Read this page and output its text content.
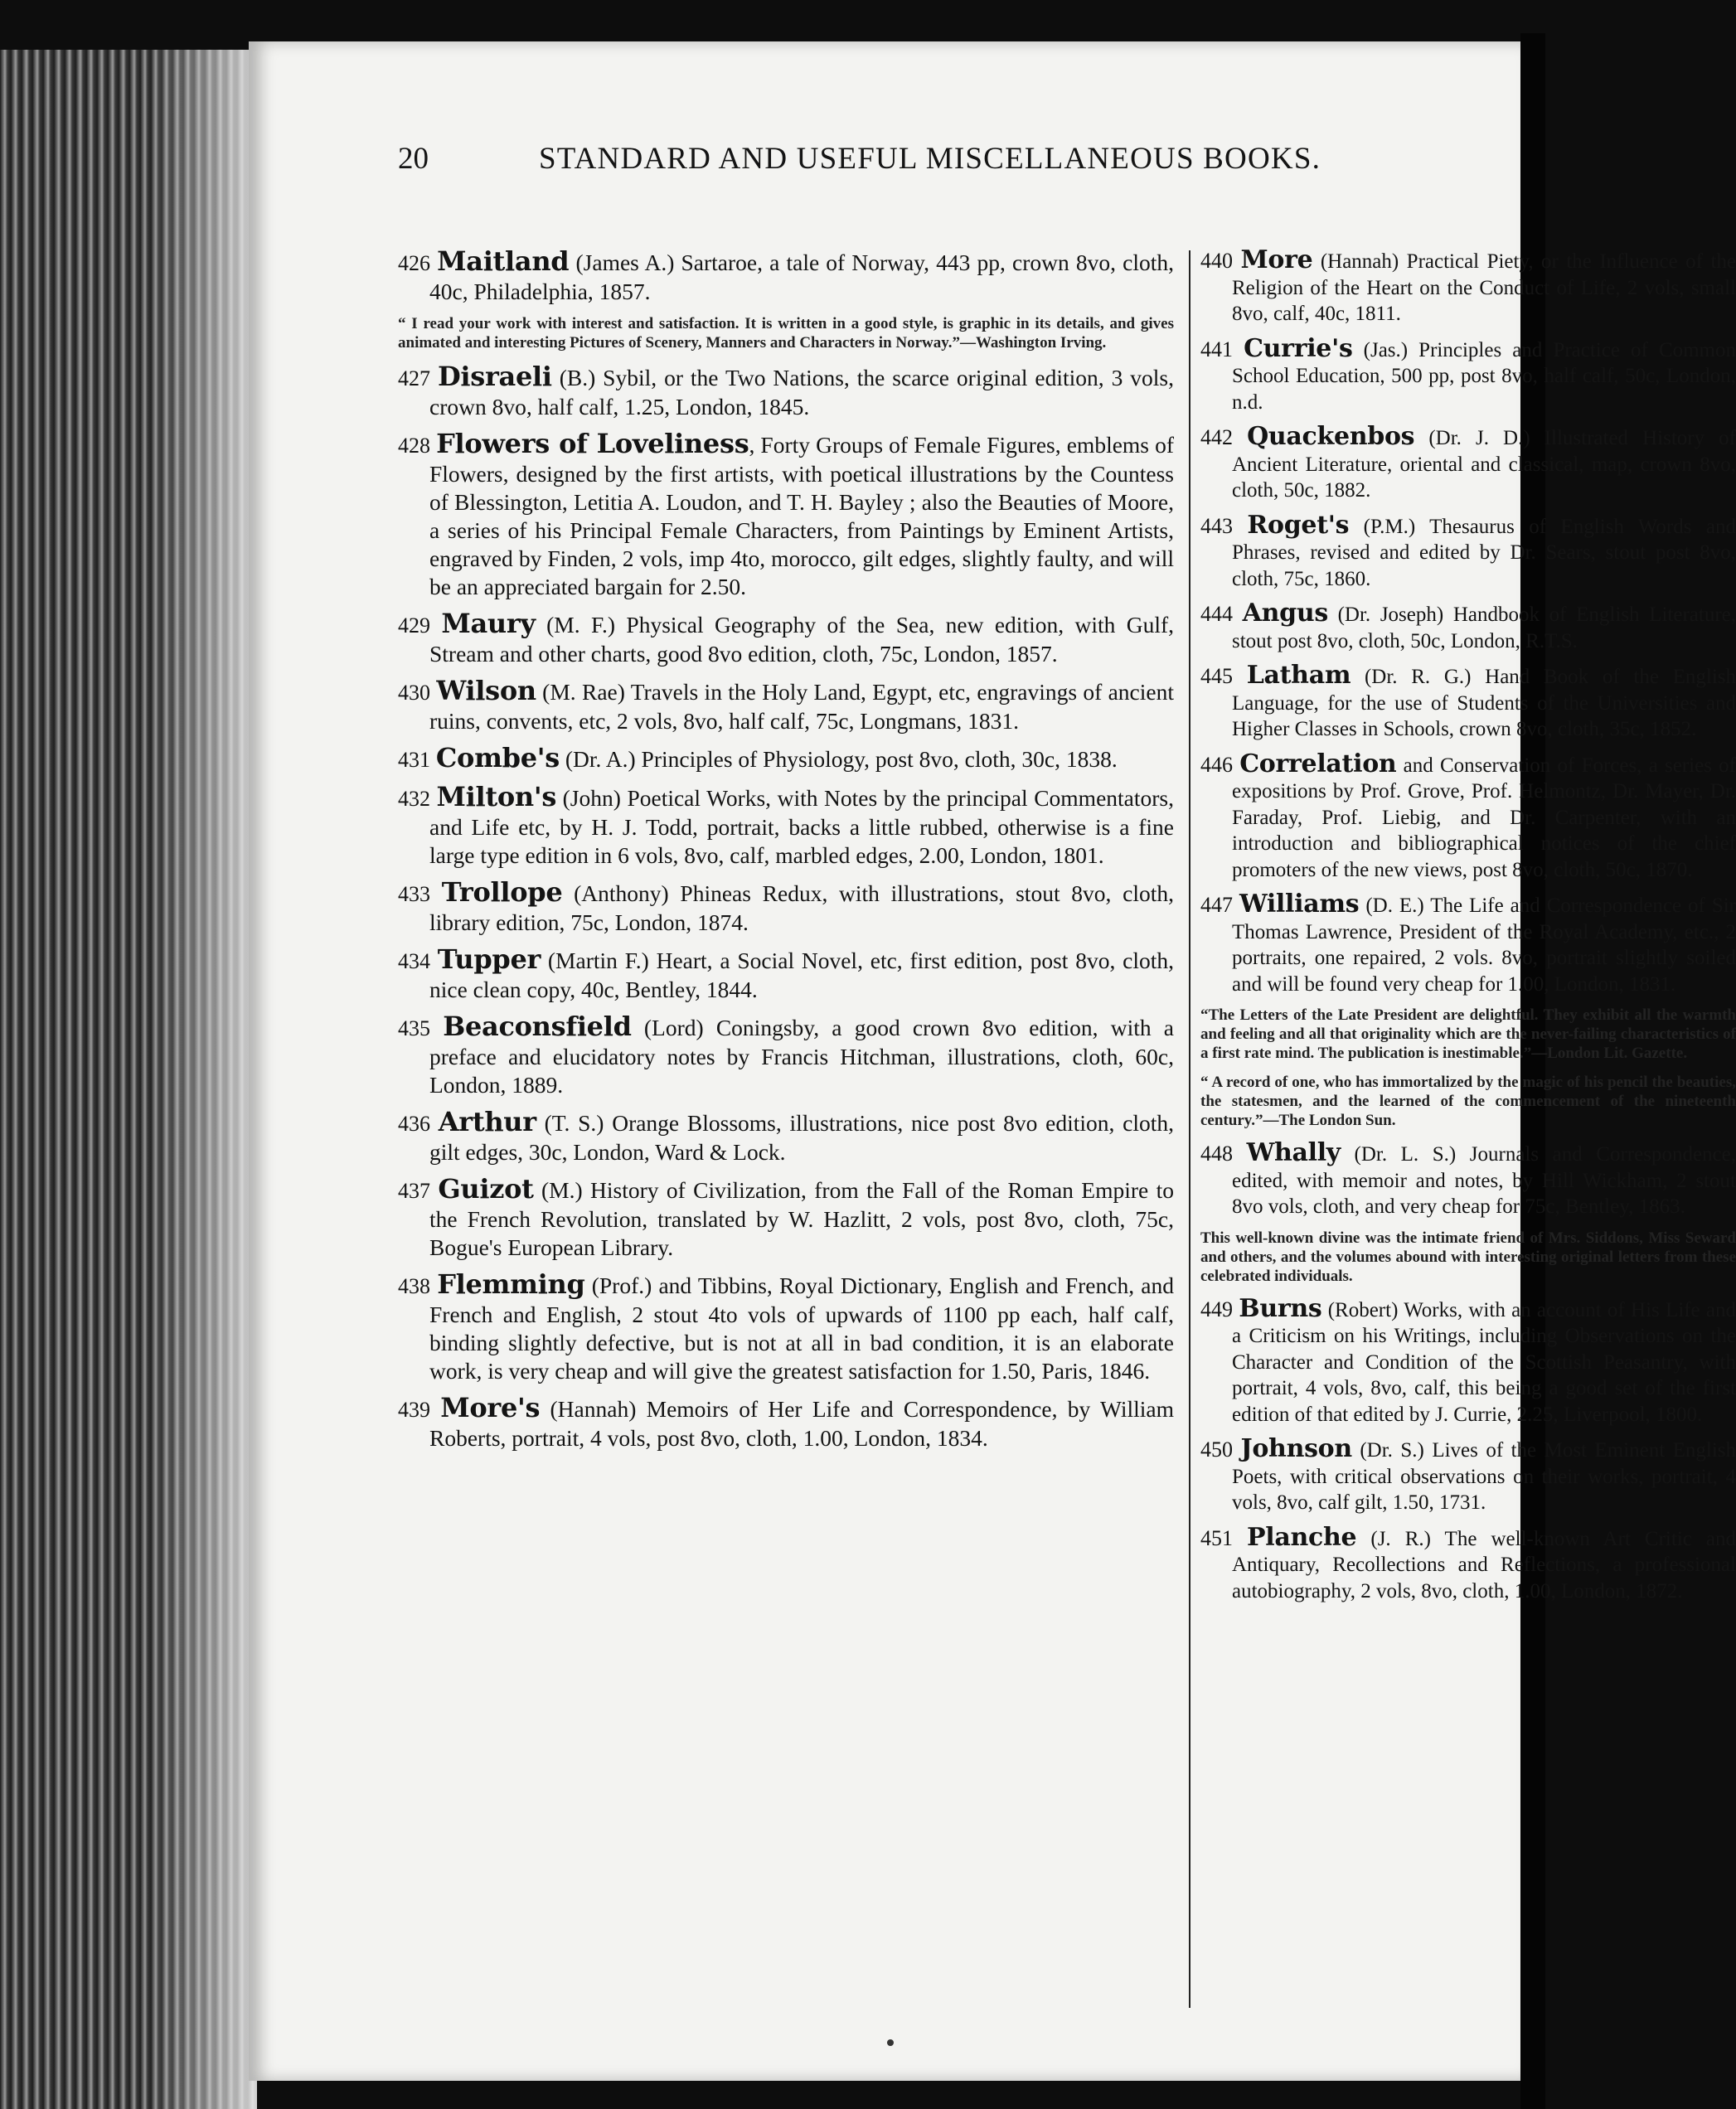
20	STANDARD AND USEFUL MISCELLANEOUS BOOKS.

426 Maitland (James A.) Sartaroe, a tale of Norway, 443 pp, crown 8vo, cloth, 40c, Philadelphia, 1857.

“ I read your work with interest and satisfaction. It is written in a good style, is graphic in its details, and gives animated and interesting Pictures of Scenery, Manners and Characters in Norway.”—Washington Irving.

427 Disraeli (B.) Sybil, or the Two Nations, the scarce original edition, 3 vols, crown 8vo, half calf, 1.25, London, 1845.

428 Flowers of Loveliness, Forty Groups of Female Figures, emblems of Flowers, designed by the first artists, with poetical illustrations by the Countess of Blessington, Letitia A. Loudon, and T. H. Bayley ; also the Beauties of Moore, a series of his Principal Female Characters, from Paintings by Eminent Artists, engraved by Finden, 2 vols, imp 4to, morocco, gilt edges, slightly faulty, and will be an appreciated bargain for 2.50.

429 Maury (M. F.) Physical Geography of the Sea, new edition, with Gulf, Stream and other charts, good 8vo edition, cloth, 75c, London, 1857.

430 Wilson (M. Rae) Travels in the Holy Land, Egypt, etc, engravings of ancient ruins, convents, etc, 2 vols, 8vo, half calf, 75c, Longmans, 1831.

431 Combe's (Dr. A.) Principles of Physiology, post 8vo, cloth, 30c, 1838.

432 Milton's (John) Poetical Works, with Notes by the principal Commentators, and Life etc, by H. J. Todd, portrait, backs a little rubbed, otherwise is a fine large type edition in 6 vols, 8vo, calf, marbled edges, 2.00, London, 1801.

433 Trollope (Anthony) Phineas Redux, with illustrations, stout 8vo, cloth, library edition, 75c, London, 1874.

434 Tupper (Martin F.) Heart, a Social Novel, etc, first edition, post 8vo, cloth, nice clean copy, 40c, Bentley, 1844.

435 Beaconsfield (Lord) Coningsby, a good crown 8vo edition, with a preface and elucidatory notes by Francis Hitchman, illustrations, cloth, 60c, London, 1889.

436 Arthur (T. S.) Orange Blossoms, illustrations, nice post 8vo edition, cloth, gilt edges, 30c, London, Ward & Lock.

437 Guizot (M.) History of Civilization, from the Fall of the Roman Empire to the French Revolution, translated by W. Hazlitt, 2 vols, post 8vo, cloth, 75c, Bogue's European Library.

438 Flemming (Prof.) and Tibbins, Royal Dictionary, English and French, and French and English, 2 stout 4to vols of upwards of 1100 pp each, half calf, binding slightly defective, but is not at all in bad condition, it is an elaborate work, is very cheap and will give the greatest satisfaction for 1.50, Paris, 1846.

439 More's (Hannah) Memoirs of Her Life and Correspondence, by William Roberts, portrait, 4 vols, post 8vo, cloth, 1.00, London, 1834.

440 More (Hannah) Practical Piety, or the Influence of the Religion of the Heart on the Conduct of Life, 2 vols, small 8vo, calf, 40c, 1811.

441 Currie's (Jas.) Principles and Practice of Common School Education, 500 pp, post 8vo, half calf, 50c, London, n.d.

442 Quackenbos (Dr. J. D.) Illustrated History of Ancient Literature, oriental and classical, map, crown 8vo, cloth, 50c, 1882.

443 Roget's (P.M.) Thesaurus of English Words and Phrases, revised and edited by Dr. Sears, stout post 8vo, cloth, 75c, 1860.

444 Angus (Dr. Joseph) Handbook of English Literature, stout post 8vo, cloth, 50c, London, R.T.S.

445 Latham (Dr. R. G.) Hand Book of the English Language, for the use of Students of the Universities and Higher Classes in Schools, crown 8vo, cloth, 35c, 1852.

446 Correlation and Conservation of Forces, a series of expositions by Prof. Grove, Prof. Helmontz, Dr. Mayer, Dr. Faraday, Prof. Liebig, and Dr. Carpenter, with an introduction and bibliographical notices of the chief promoters of the new views, post 8vo, cloth, 50c, 1870.

447 Williams (D. E.) The Life and Correspondence of Sir Thomas Lawrence, President of the Royal Academy, etc., 2 portraits, one repaired, 2 vols. 8vo, portrait slightly soiled and will be found very cheap for 1.00, London, 1831.

“The Letters of the Late President are delightful. They exhibit all the warmth and feeling and all that originality which are the never-failing characteristics of a first rate mind. The publication is inestimable.”—London Lit. Gazette.

“ A record of one, who has immortalized by the magic of his pencil the beauties, the statesmen, and the learned of the commencement of the nineteenth century.”—The London Sun.

448 Whally (Dr. L. S.) Journals and Correspondence, edited, with memoir and notes, by Hill Wickham, 2 stout 8vo vols, cloth, and very cheap for 75c, Bentley, 1863.

This well-known divine was the intimate friend of Mrs. Siddons, Miss Seward and others, and the volumes abound with interesting original letters from these celebrated individuals.

449 Burns (Robert) Works, with an account of His Life and a Criticism on his Writings, including Observations on the Character and Condition of the Scottish Peasantry, with portrait, 4 vols, 8vo, calf, this being a good set of the first edition of that edited by J. Currie, 2.25, Liverpool, 1800.

450 Johnson (Dr. S.) Lives of the Most Eminent English Poets, with critical observations on their works, portrait, 4 vols, 8vo, calf gilt, 1.50, 1731.

451 Planche (J. R.) The well-known Art Critic and Antiquary, Recollections and Reflections, a professional autobiography, 2 vols, 8vo, cloth, 1.00, London, 1872.
